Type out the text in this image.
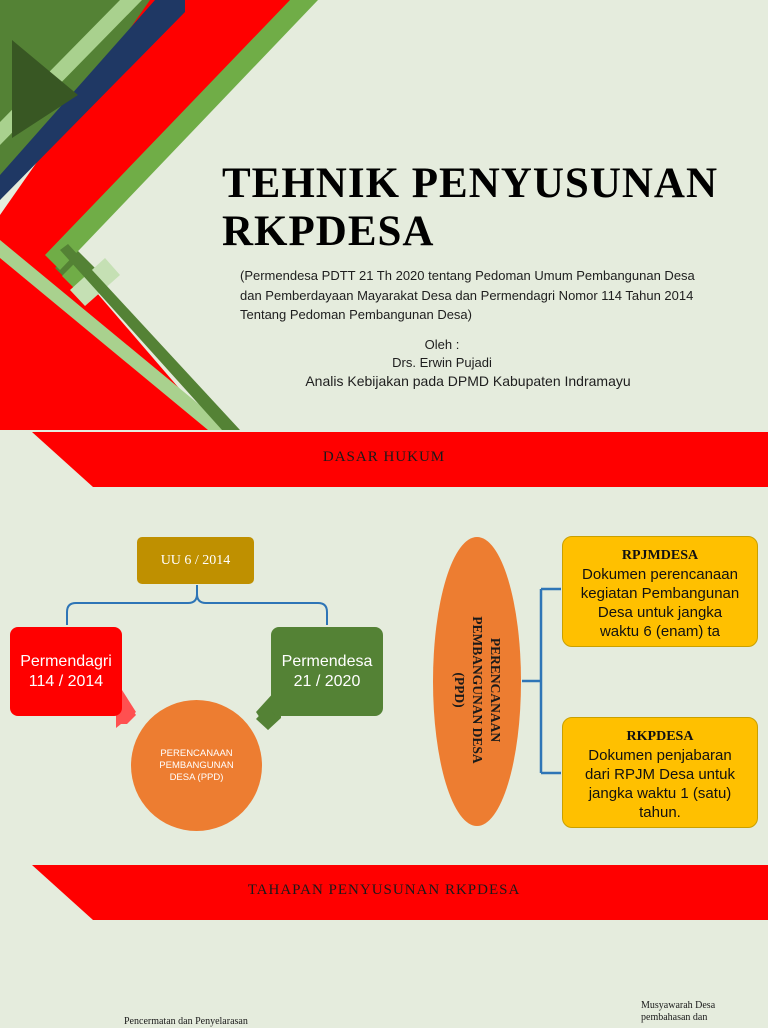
TEHNIK PENYUSUNAN
RKPDESA
(Permendesa PDTT 21 Th 2020 tentang Pedoman Umum Pembangunan Desa
dan Pemberdayaan Mayarakat Desa dan Permendagri Nomor 114 Tahun 2014
Tentang Pedoman Pembangunan Desa)
Oleh :
Drs. Erwin Pujadi
Analis Kebijakan pada DPMD Kabupaten Indramayu
DASAR HUKUM
UU 6 / 2014
Permendagri
114 / 2014
Permendesa
21 / 2020
PERENCANAAN
PEMBANGUNAN
DESA (PPD)
PERENCANAAN
PEMBANGUNAN DESA
(PPD)
RPJMDESA
Dokumen perencanaan
kegiatan Pembangunan
Desa untuk jangka
waktu 6 (enam) ta
RKPDESA
Dokumen penjabaran
dari RPJM Desa untuk
jangka waktu 1 (satu)
tahun.
TAHAPAN PENYUSUNAN RKPDESA
Pencermatan dan Penyelarasan
Musyawarah Desa
pembahasan dan
